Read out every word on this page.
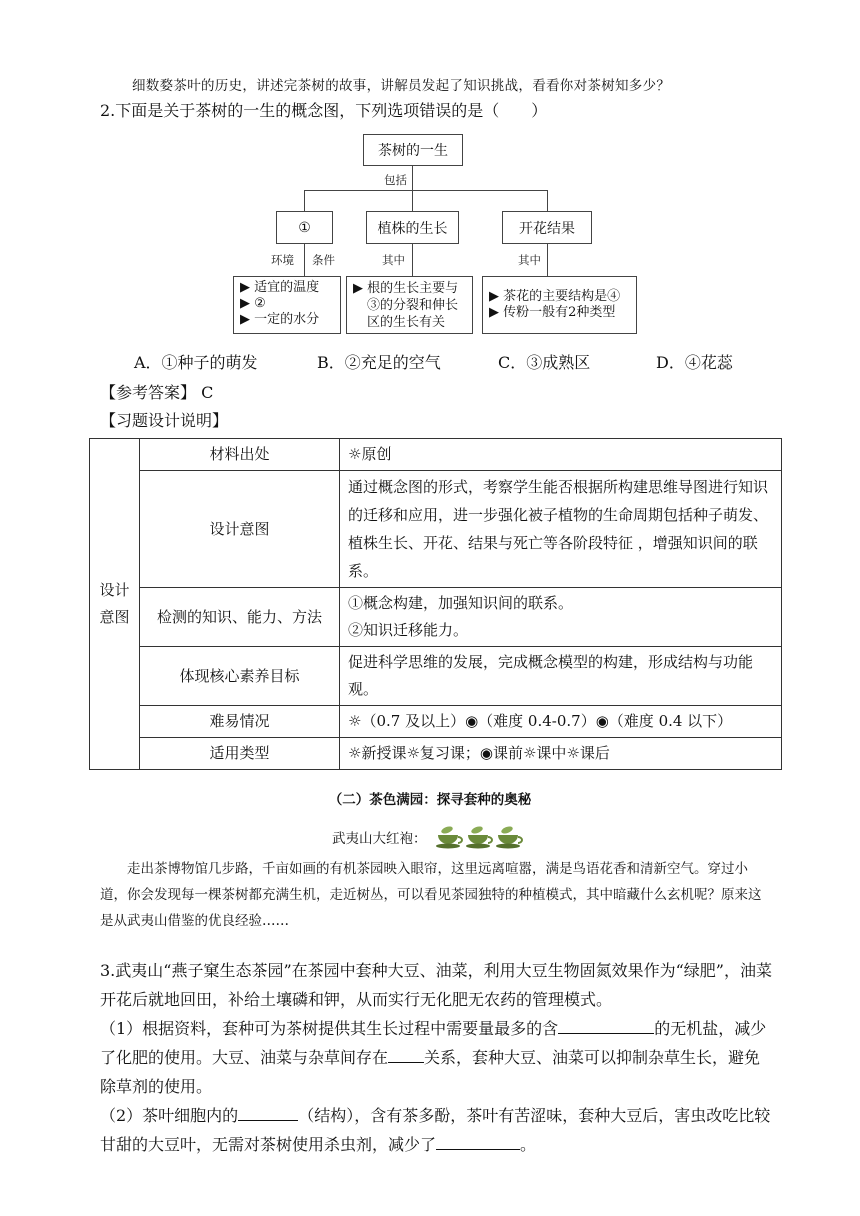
细数婺茶叶的历史，讲述完茶树的故事，讲解员发起了知识挑战，看看你对茶树知多少？
2.下面是关于茶树的一生的概念图，下列选项错误的是（　　）
茶树的一生
包括
①	植株的生长	开花结果
环境 条件	其中	其中
▶ 适宜的温度
▶ ②
▶ 一定的水分
▶ 根的生长主要与
③的分裂和伸长
区的生长有关
▶ 茶花的主要结构是④
▶ 传粉一般有2种类型
A．①种子的萌发	B．②充足的空气	C．③成熟区	D．④花蕊
【参考答案】 C
【习题设计说明】
设计
意图	材料出处	☼原创
	设计意图	通过概念图的形式，考察学生能否根据所构建思维导图进行知识的迁移和应用，进一步强化被子植物的生命周期包括种子萌发、植株生长、开花、结果与死亡等各阶段特征 ，增强知识间的联系。
	检测的知识、能力、方法	①概念构建，加强知识间的联系。
②知识迁移能力。

	体现核心素养目标	促进科学思维的发展，完成概念模型的构建，形成结构与功能观。
	难易情况	☼（0.7 及以上）◉（难度 0.4-0.7）◉（难度 0.4 以下）
	适用类型	☼新授课☼复习课；◉课前☼课中☼课后
（二）茶色满园：探寻套种的奥秘
武夷山大红袍：

走出茶博物馆几步路，千亩如画的有机茶园映入眼帘，这里远离喧嚣，满是鸟语花香和清新空气。穿过小道，你会发现每一棵茶树都充满生机，走近树丛，可以看见茶园独特的种植模式，其中暗藏什么玄机呢？原来这是从武夷山借鉴的优良经验……

3.武夷山“燕子窠生态茶园”在茶园中套种大豆、油菜，利用大豆生物固氮效果作为“绿肥”，油菜开花后就地回田，补给土壤磷和钾，从而实行无化肥无农药的管理模式。

（1）根据资料，套种可为茶树提供其生长过程中需要量最多的含	的无机盐，减少了化肥的使用。大豆、油菜与杂草间存在 关系，套种大豆、油菜可以抑制杂草生长，避免除草剂的使用。

（2）茶叶细胞内的	（结构），含有茶多酚，茶叶有苦涩味，套种大豆后，害虫改吃比较甘甜的大豆叶，无需对茶树使用杀虫剂，减少了	。
